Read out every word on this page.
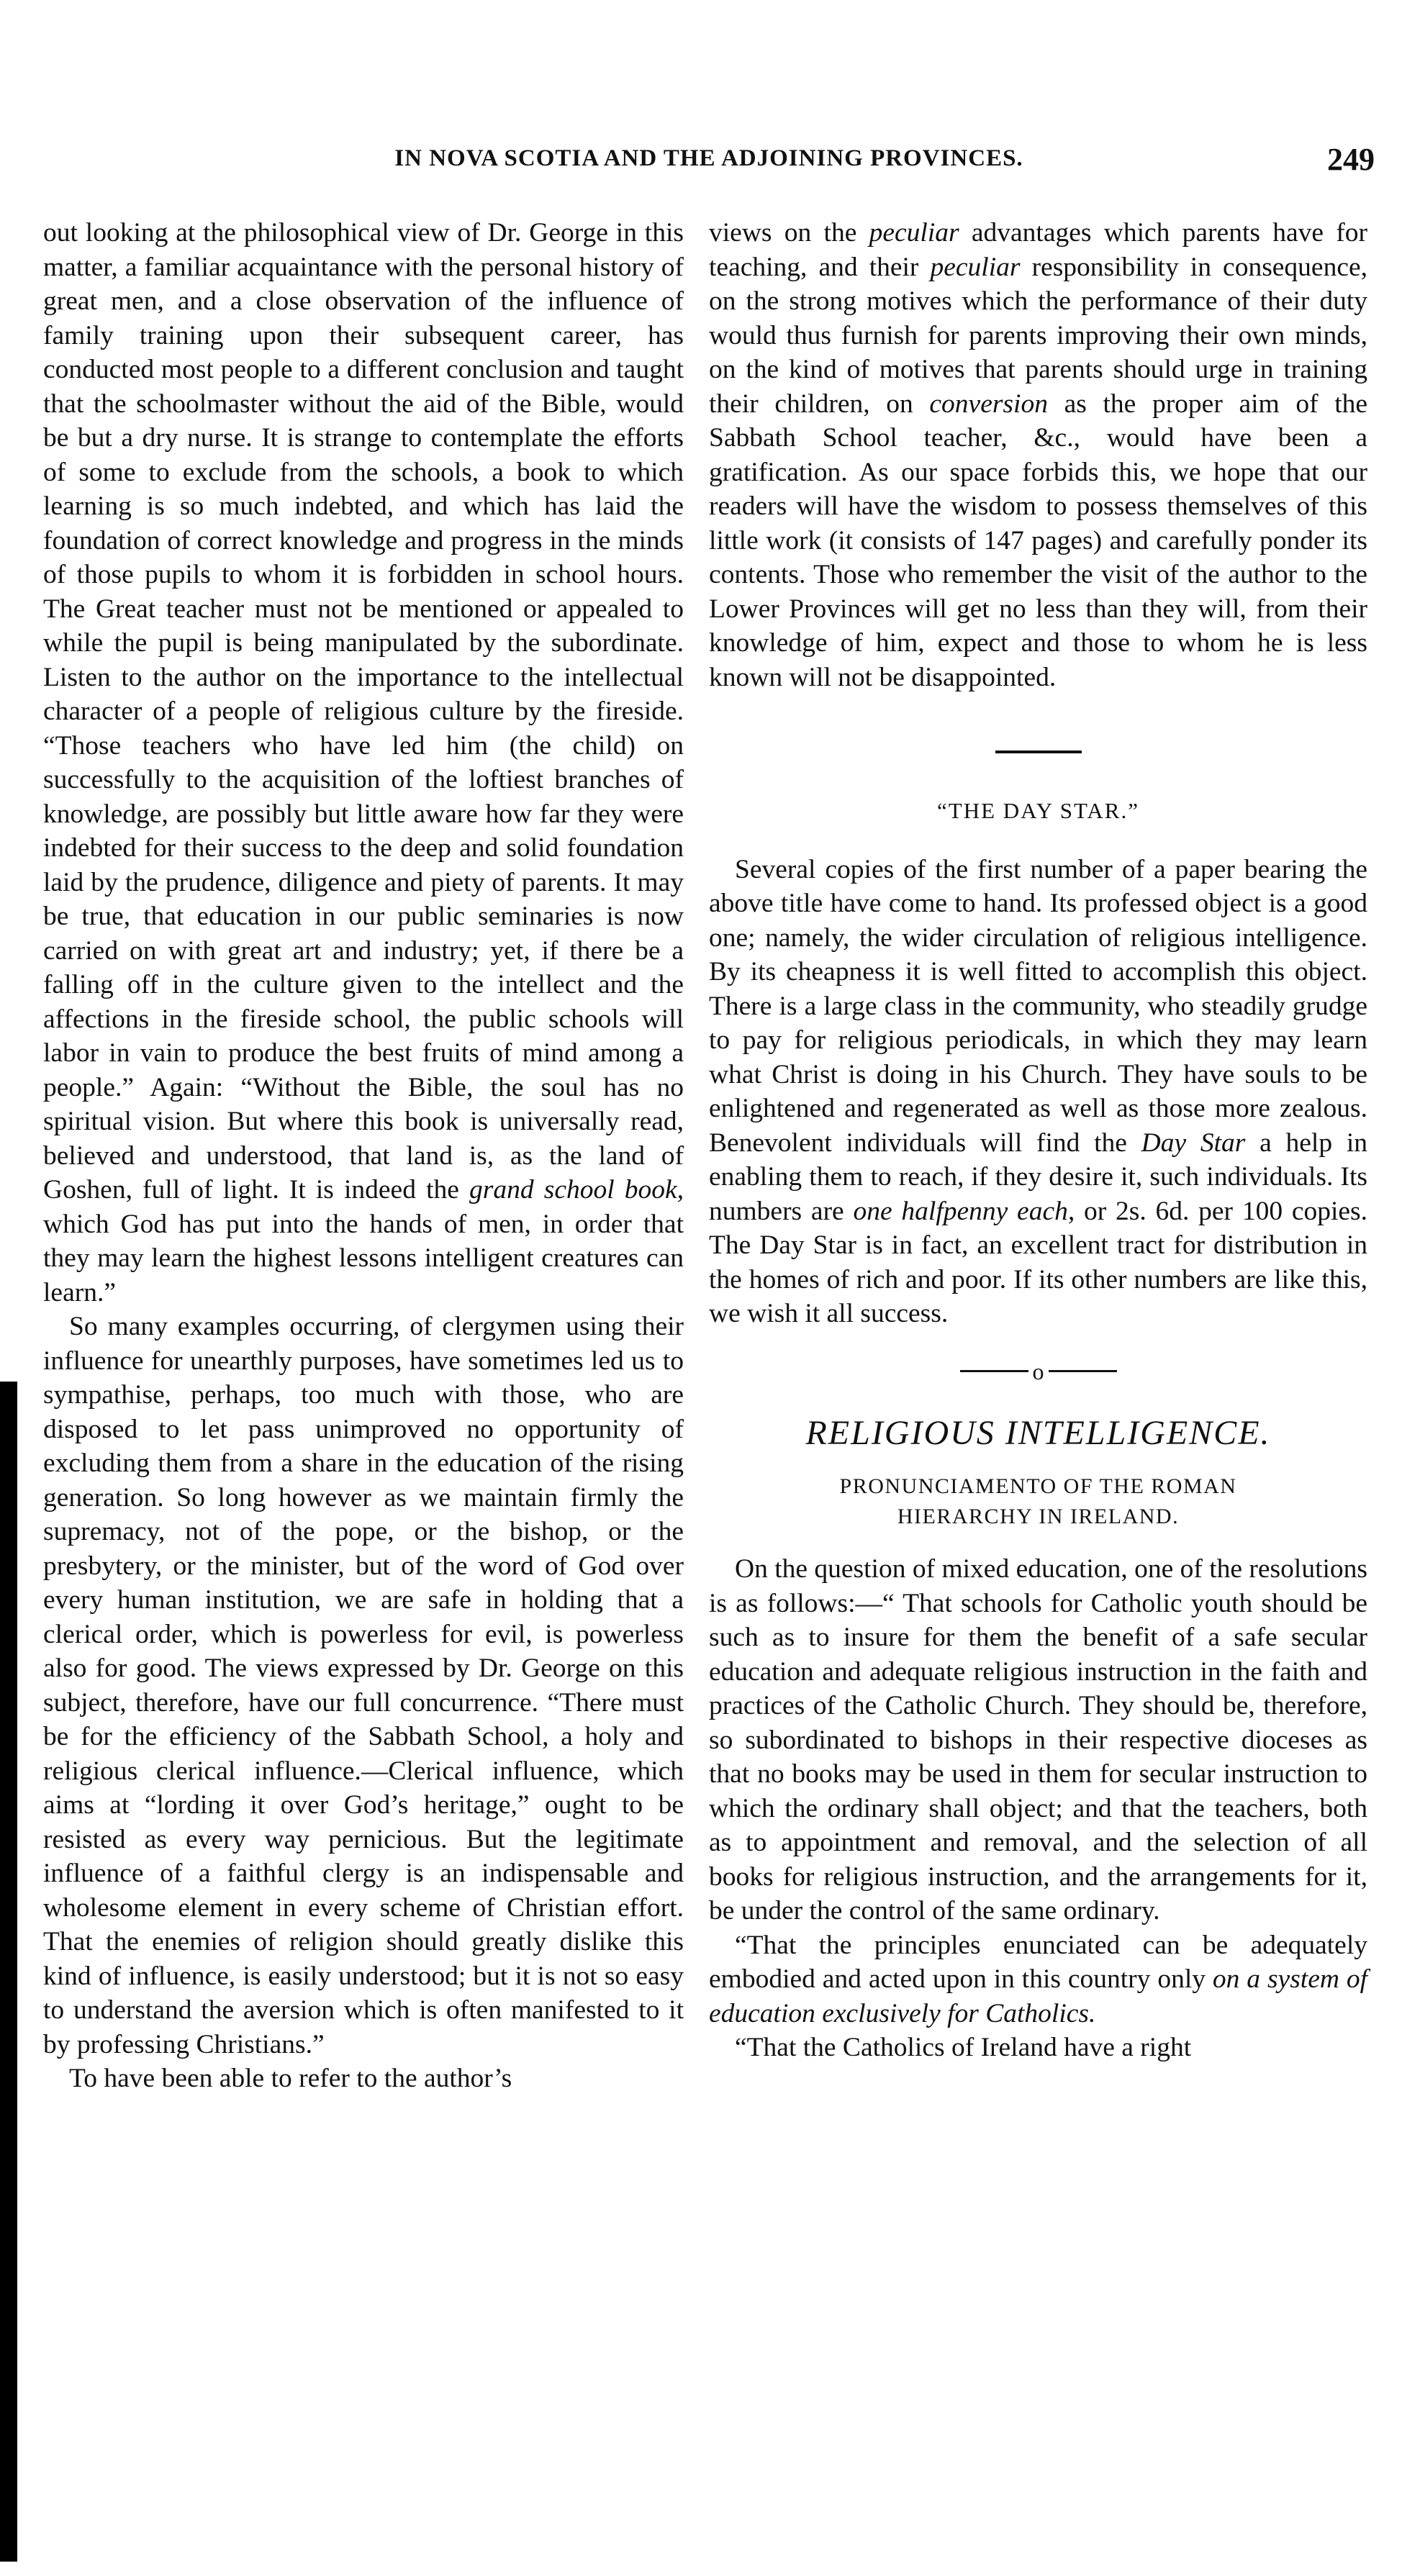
IN NOVA SCOTIA AND THE ADJOINING PROVINCES.	249

out looking at the philosophical view of Dr. George in this matter, a familiar acquaintance with the personal history of great men, and a close observation of the influence of family training upon their subsequent career, has conducted most people to a different conclusion and taught that the schoolmaster without the aid of the Bible, would be but a dry nurse. It is strange to contemplate the efforts of some to exclude from the schools, a book to which learning is so much indebted, and which has laid the foundation of correct knowledge and progress in the minds of those pupils to whom it is forbidden in school hours. The Great teacher must not be mentioned or appealed to while the pupil is being manipulated by the subordinate. Listen to the author on the importance to the intellectual character of a people of religious culture by the fireside. “Those teachers who have led him (the child) on successfully to the acquisition of the loftiest branches of knowledge, are possibly but little aware how far they were indebted for their success to the deep and solid foundation laid by the prudence, diligence and piety of parents. It may be true, that education in our public seminaries is now carried on with great art and industry; yet, if there be a falling off in the culture given to the intellect and the affections in the fireside school, the public schools will labor in vain to produce the best fruits of mind among a people.” Again: “Without the Bible, the soul has no spiritual vision. But where this book is universally read, believed and understood, that land is, as the land of Goshen, full of light. It is indeed the grand school book, which God has put into the hands of men, in order that they may learn the highest lessons intelligent creatures can learn.”

So many examples occurring, of clergymen using their influence for unearthly purposes, have sometimes led us to sympathise, perhaps, too much with those, who are disposed to let pass unimproved no opportunity of excluding them from a share in the education of the rising generation. So long however as we maintain firmly the supremacy, not of the pope, or the bishop, or the presbytery, or the minister, but of the word of God over every human institution, we are safe in holding that a clerical order, which is powerless for evil, is powerless also for good. The views expressed by Dr. George on this subject, therefore, have our full concurrence. “There must be for the efficiency of the Sabbath School, a holy and religious clerical influence.—Clerical influence, which aims at “lording it over God’s heritage,” ought to be resisted as every way pernicious. But the legitimate influence of a faithful clergy is an indispensable and wholesome element in every scheme of Christian effort. That the enemies of religion should greatly dislike this kind of influence, is easily understood; but it is not so easy to understand the aversion which is often manifested to it by professing Christians.”

To have been able to refer to the author’s

views on the peculiar advantages which parents have for teaching, and their peculiar responsibility in consequence, on the strong motives which the performance of their duty would thus furnish for parents improving their own minds, on the kind of motives that parents should urge in training their children, on conversion as the proper aim of the Sabbath School teacher, &c., would have been a gratification. As our space forbids this, we hope that our readers will have the wisdom to possess themselves of this little work (it consists of 147 pages) and carefully ponder its contents. Those who remember the visit of the author to the Lower Provinces will get no less than they will, from their knowledge of him, expect and those to whom he is less known will not be disappointed.

“THE DAY STAR.”

Several copies of the first number of a paper bearing the above title have come to hand. Its professed object is a good one; namely, the wider circulation of religious intelligence. By its cheapness it is well fitted to accomplish this object. There is a large class in the community, who steadily grudge to pay for religious periodicals, in which they may learn what Christ is doing in his Church. They have souls to be enlightened and regenerated as well as those more zealous. Benevolent individuals will find the Day Star a help in enabling them to reach, if they desire it, such individuals. Its numbers are one halfpenny each, or 2s. 6d. per 100 copies. The Day Star is in fact, an excellent tract for distribution in the homes of rich and poor. If its other numbers are like this, we wish it all success.

o
RELIGIOUS INTELLIGENCE.
PRONUNCIAMENTO OF THE ROMAN
HIERARCHY IN IRELAND.

On the question of mixed education, one of the resolutions is as follows:—“ That schools for Catholic youth should be such as to insure for them the benefit of a safe secular education and adequate religious instruction in the faith and practices of the Catholic Church. They should be, therefore, so subordinated to bishops in their respective dioceses as that no books may be used in them for secular instruction to which the ordinary shall object; and that the teachers, both as to appointment and removal, and the selection of all books for religious instruction, and the arrangements for it, be under the control of the same ordinary.

“That the principles enunciated can be adequately embodied and acted upon in this country only on a system of education exclusively for Catholics.

“That the Catholics of Ireland have a right
